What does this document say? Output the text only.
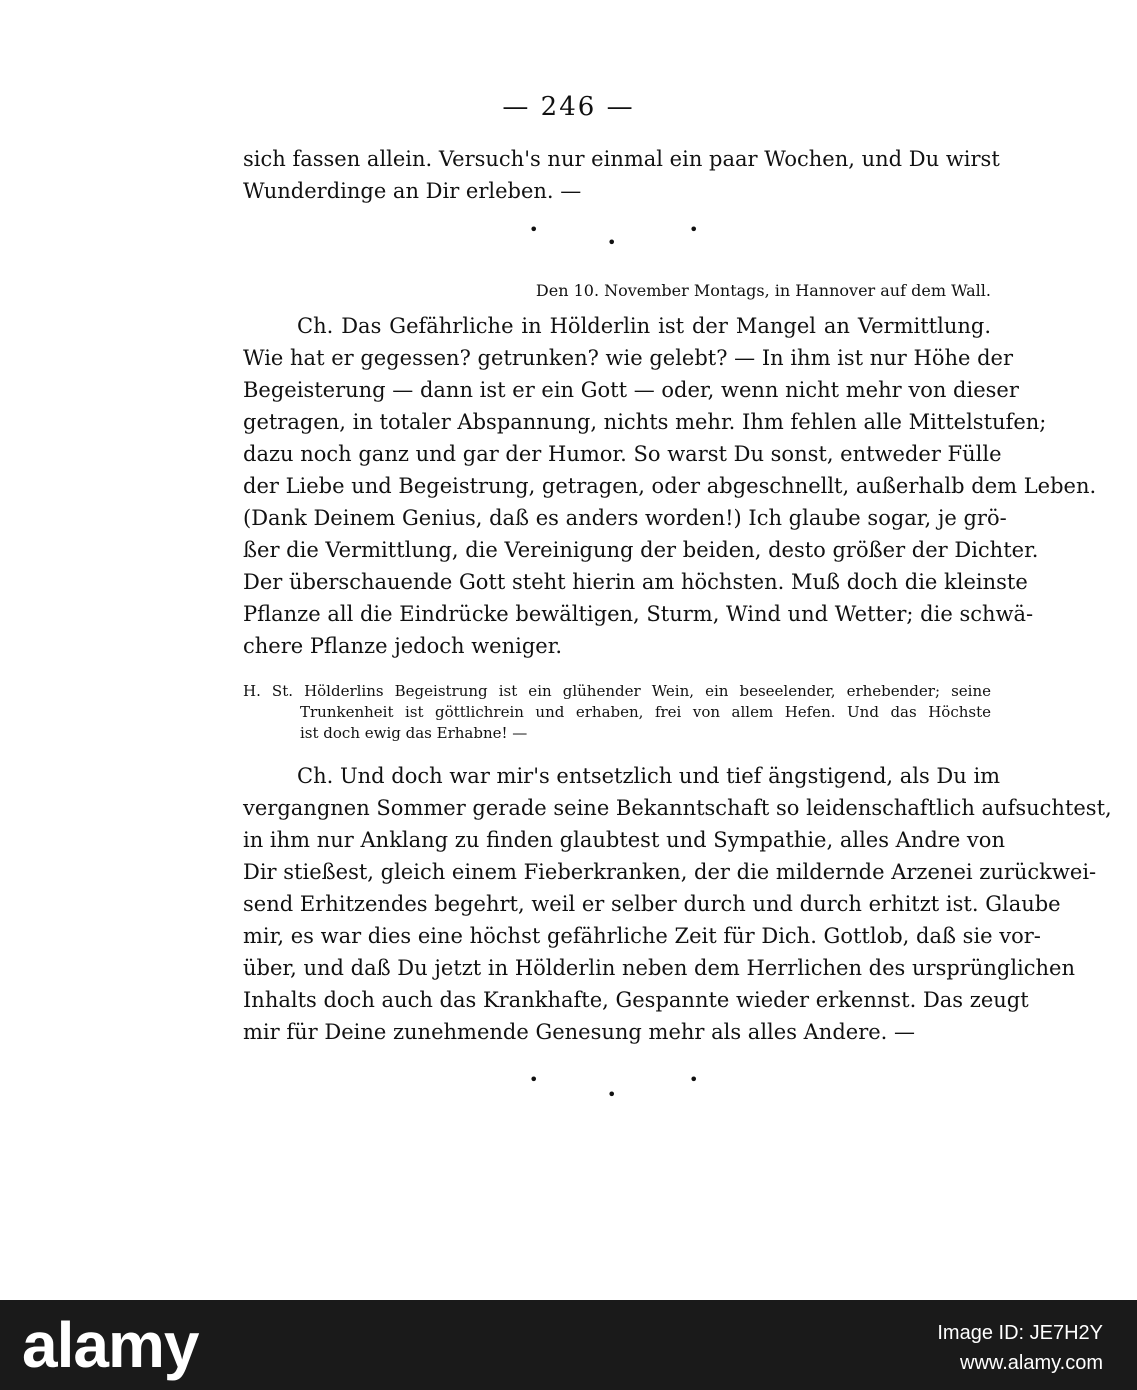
— 246 —
sich fassen allein. Versuch's nur einmal ein paar Wochen, und Du wirst
Wunderdinge an Dir erleben. —
•	•
•
Den 10. November Montags, in Hannover auf dem Wall.
Ch. Das Gefährliche in Hölderlin ist der Mangel an Vermittlung.
Wie hat er gegessen? getrunken? wie gelebt? — In ihm ist nur Höhe der
Begeisterung — dann ist er ein Gott — oder, wenn nicht mehr von dieser
getragen, in totaler Abspannung, nichts mehr. Ihm fehlen alle Mittelstufen;
dazu noch ganz und gar der Humor. So warst Du sonst, entweder Fülle
der Liebe und Begeistrung, getragen, oder abgeschnellt, außerhalb dem Leben.
(Dank Deinem Genius, daß es anders worden!) Ich glaube sogar, je grö-
ßer die Vermittlung, die Vereinigung der beiden, desto größer der Dichter.
Der überschauende Gott steht hierin am höchsten. Muß doch die kleinste
Pflanze all die Eindrücke bewältigen, Sturm, Wind und Wetter; die schwä-
chere Pflanze jedoch weniger.
H. St. Hölderlins Begeistrung ist ein glühender Wein, ein beseelender, erhebender; seine
Trunkenheit ist göttlichrein und erhaben, frei von allem Hefen. Und das Höchste
ist doch ewig das Erhabne! —
Ch. Und doch war mir's entsetzlich und tief ängstigend, als Du im
vergangnen Sommer gerade seine Bekanntschaft so leidenschaftlich aufsuchtest,
in ihm nur Anklang zu finden glaubtest und Sympathie, alles Andre von
Dir stießest, gleich einem Fieberkranken, der die mildernde Arzenei zurückwei-
send Erhitzendes begehrt, weil er selber durch und durch erhitzt ist. Glaube
mir, es war dies eine höchst gefährliche Zeit für Dich. Gottlob, daß sie vor-
über, und daß Du jetzt in Hölderlin neben dem Herrlichen des ursprünglichen
Inhalts doch auch das Krankhafte, Gespannte wieder erkennst. Das zeugt
mir für Deine zunehmende Genesung mehr als alles Andere. —
•	•
•
alamy	Image ID: JE7H2Y
www.alamy.com
